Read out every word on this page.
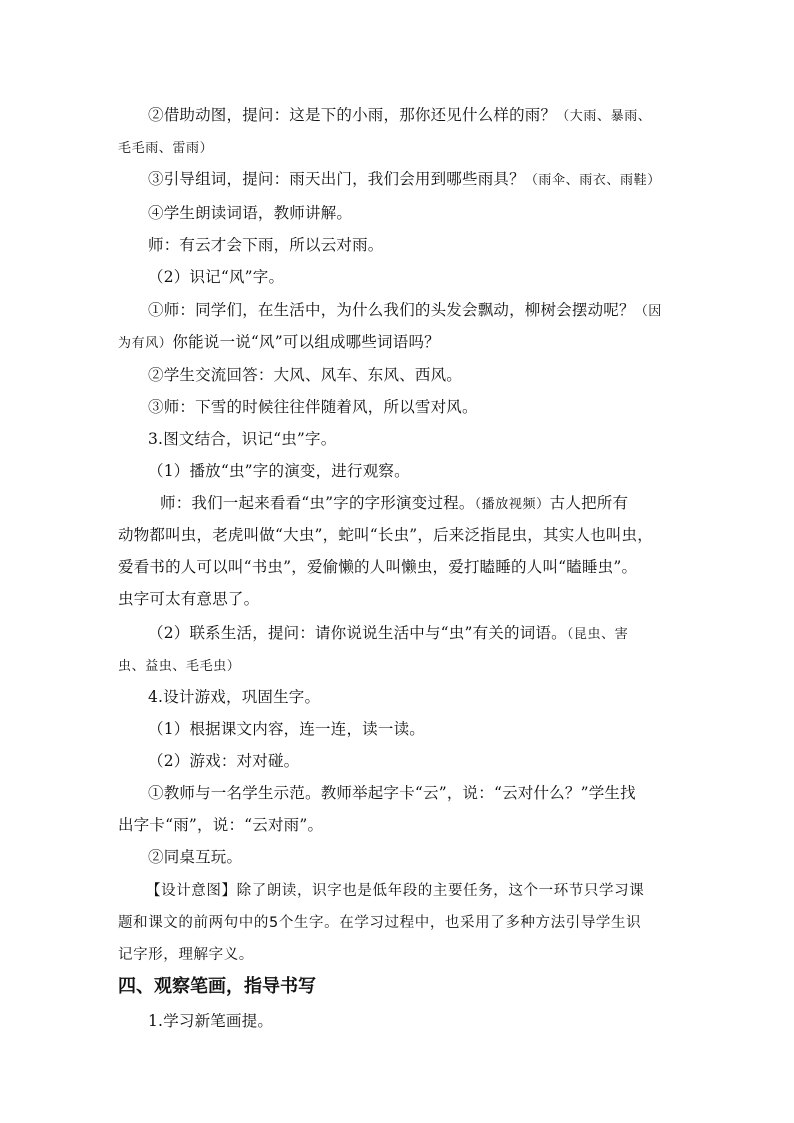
②借助动图，提问：这是下的小雨，那你还见什么样的雨？（大雨、暴雨、
毛毛雨、雷雨）
③引导组词，提问：雨天出门，我们会用到哪些雨具？（雨伞、雨衣、雨鞋）
④学生朗读词语，教师讲解。
师：有云才会下雨，所以云对雨。
（2）识记“风”字。
①师：同学们，在生活中，为什么我们的头发会飘动，柳树会摆动呢？（因
为有风）你能说一说“风”可以组成哪些词语吗？
②学生交流回答：大风、风车、东风、西风。
③师：下雪的时候往往伴随着风，所以雪对风。
3.图文结合，识记“虫”字。
（1）播放“虫”字的演变，进行观察。
师：我们一起来看看“虫”字的字形演变过程。（播放视频）古人把所有
动物都叫虫，老虎叫做“大虫”，蛇叫“长虫”，后来泛指昆虫，其实人也叫虫，
爱看书的人可以叫“书虫”，爱偷懒的人叫懒虫，爱打瞌睡的人叫“瞌睡虫”。
虫字可太有意思了。
（2）联系生活，提问：请你说说生活中与“虫”有关的词语。（昆虫、害
虫、益虫、毛毛虫）
4.设计游戏，巩固生字。
（1）根据课文内容，连一连，读一读。
（2）游戏：对对碰。
①教师与一名学生示范。教师举起字卡“云”，说：“云对什么？”学生找
出字卡“雨”，说：“云对雨”。
②同桌互玩。
【设计意图】除了朗读，识字也是低年段的主要任务，这个一环节只学习课
题和课文的前两句中的5个生字。在学习过程中，也采用了多种方法引导学生识
记字形，理解字义。
四、观察笔画，指导书写
1.学习新笔画提。
